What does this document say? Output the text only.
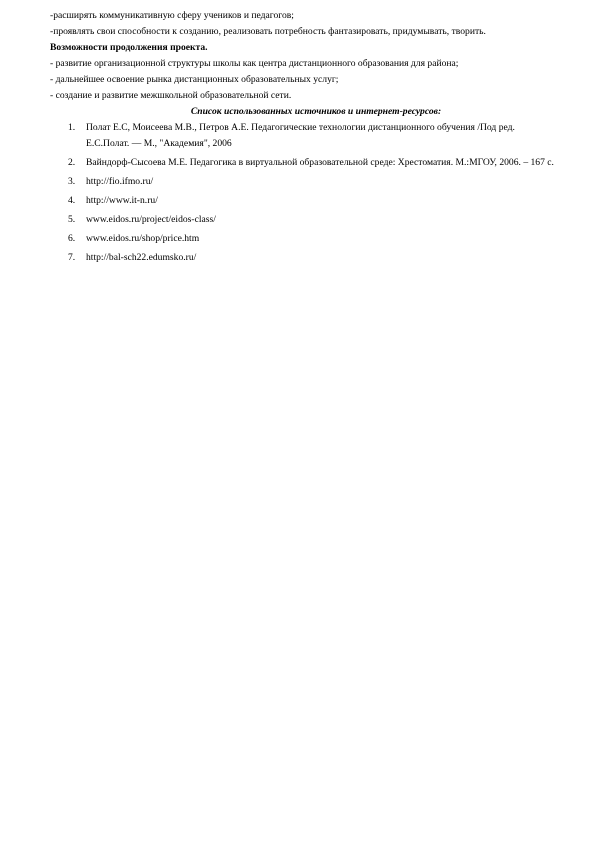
-расширять коммуникативную сферу учеников и педагогов;
-проявлять свои способности к созданию, реализовать потребность фантазировать, придумывать, творить.
Возможности продолжения проекта.
- развитие организационной структуры школы как центра дистанционного образования для района;
- дальнейшее освоение рынка дистанционных образовательных услуг;
- создание и развитие межшкольной образовательной сети.
Список использованных источников и интернет-ресурсов:
1. Полат Е.С, Моисеева М.В., Петров А.Е. Педагогические технологии дистанционного обучения /Под ред. Е.С.Полат. — М., "Академия", 2006
2. Вайндорф-Сысоева М.Е. Педагогика в виртуальной образовательной среде: Хрестоматия. М.:МГОУ, 2006. – 167 с.
3. http://fio.ifmo.ru/
4. http://www.it-n.ru/
5. www.eidos.ru/project/eidos-class/
6. www.eidos.ru/shop/price.htm
7. http://bal-sch22.edumsko.ru/
